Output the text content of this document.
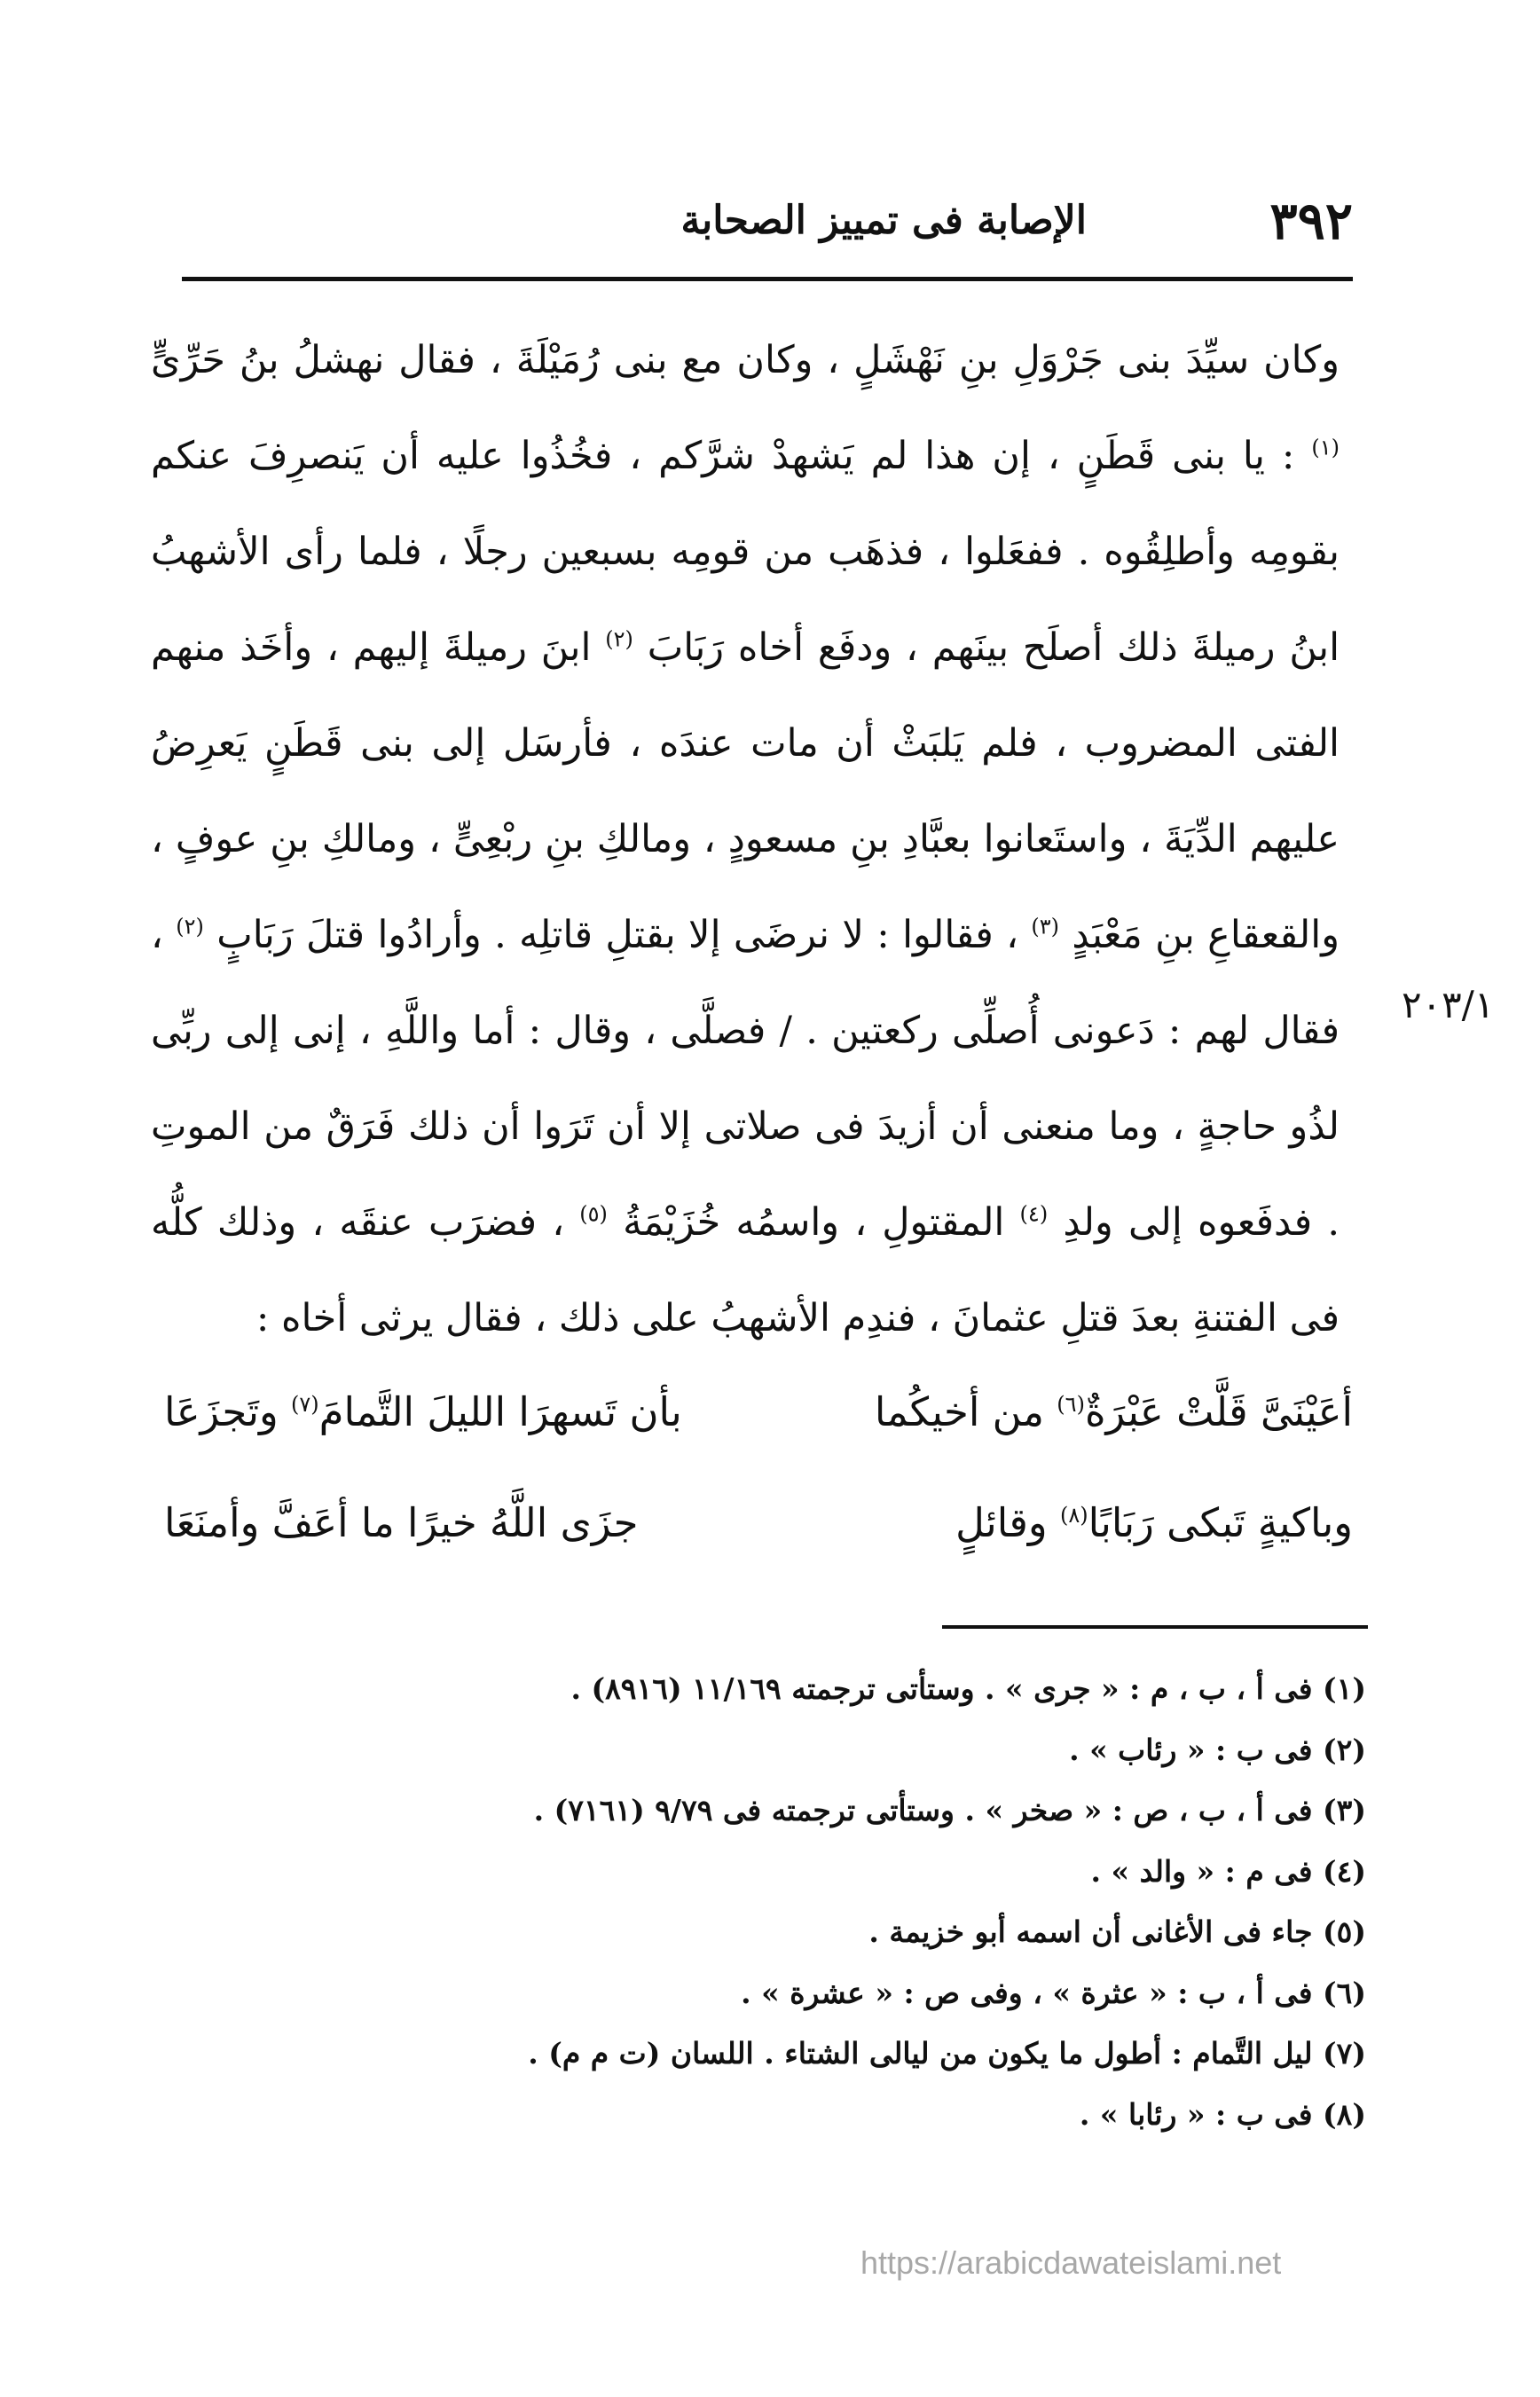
٣٩٢
الإصابة فى تمييز الصحابة

وكان سيِّدَ بنى جَرْوَلِ بنِ نَهْشَلٍ ، وكان مع بنى رُمَيْلَةَ ، فقال نهشلُ بنُ حَرِّىٍّ $^{(١)}$ : يا بنى قَطَنٍ ، إن هذا لم يَشهدْ شرَّكم ، فخُذُوا عليه أن يَنصرِفَ عنكم بقومِه وأطلِقُوه . ففعَلوا ، فذهَب من قومِه بسبعين رجلًا ، فلما رأى الأشهبُ ابنُ رميلةَ ذلك أصلَح بينَهم ، ودفَع أخاه رَبَابَ $^{(٢)}$ ابنَ رميلةَ إليهم ، وأخَذ منهم الفتى المضروب ، فلم يَلبَثْ أن مات عندَه ، فأرسَل إلى بنى قَطَنٍ يَعرِضُ عليهم الدِّيَةَ ، واستَعانوا بعبَّادِ بنِ مسعودٍ ، ومالكِ بنِ ربْعِىٍّ ، ومالكِ بنِ عوفٍ ، والقعقاعِ بنِ مَعْبَدٍ $^{(٣)}$ ، فقالوا : لا نرضَى إلا بقتلِ قاتلِه . وأرادُوا قتلَ رَبَابٍ $^{(٢)}$ ، فقال لهم : دَعونى أُصلِّى ركعتين . / فصلَّى ، وقال : أما واللَّهِ ، إنى إلى ربِّى لذُو حاجةٍ ، وما منعنى أن أزيدَ فى صلاتى إلا أن تَرَوا أن ذلك فَرَقٌ من الموتِ . فدفَعوه إلى ولدِ $^{(٤)}$ المقتولِ ، واسمُه خُزَيْمَةُ $^{(٥)}$ ، فضرَب عنقَه ، وذلك كلُّه فى الفتنةِ بعدَ قتلِ عثمانَ ، فندِم الأشهبُ على ذلك ، فقال يرثى أخاه :

٢٠٣/١
أعَيْنَىَّ قَلَّتْ عَبْرَةٌ$^{(٦)}$ من أخيكُما
بأن تَسهرَا الليلَ التَّمامَ$^{(٧)}$ وتَجزَعَا
وباكيةٍ تَبكى رَبَابًا$^{(٨)}$ وقائلٍ
جزَى اللَّهُ خيرًا ما أعَفَّ وأمنَعَا
(١) فى أ ، ب ، م : « جرى » . وستأتى ترجمته ١١/١٦٩ (٨٩١٦) .
(٢) فى ب : « رئاب » .
(٣) فى أ ، ب ، ص : « صخر » . وستأتى ترجمته فى ٩/٧٩ (٧١٦١) .
(٤) فى م : « والد » .
(٥) جاء فى الأغانى أن اسمه أبو خزيمة .
(٦) فى أ ، ب : « عثرة » ، وفى ص : « عشرة » .
(٧) ليل التَّمام : أطول ما يكون من ليالى الشتاء . اللسان (ت م م) .
(٨) فى ب : « رئابا » .
https://arabicdawateislami.net
